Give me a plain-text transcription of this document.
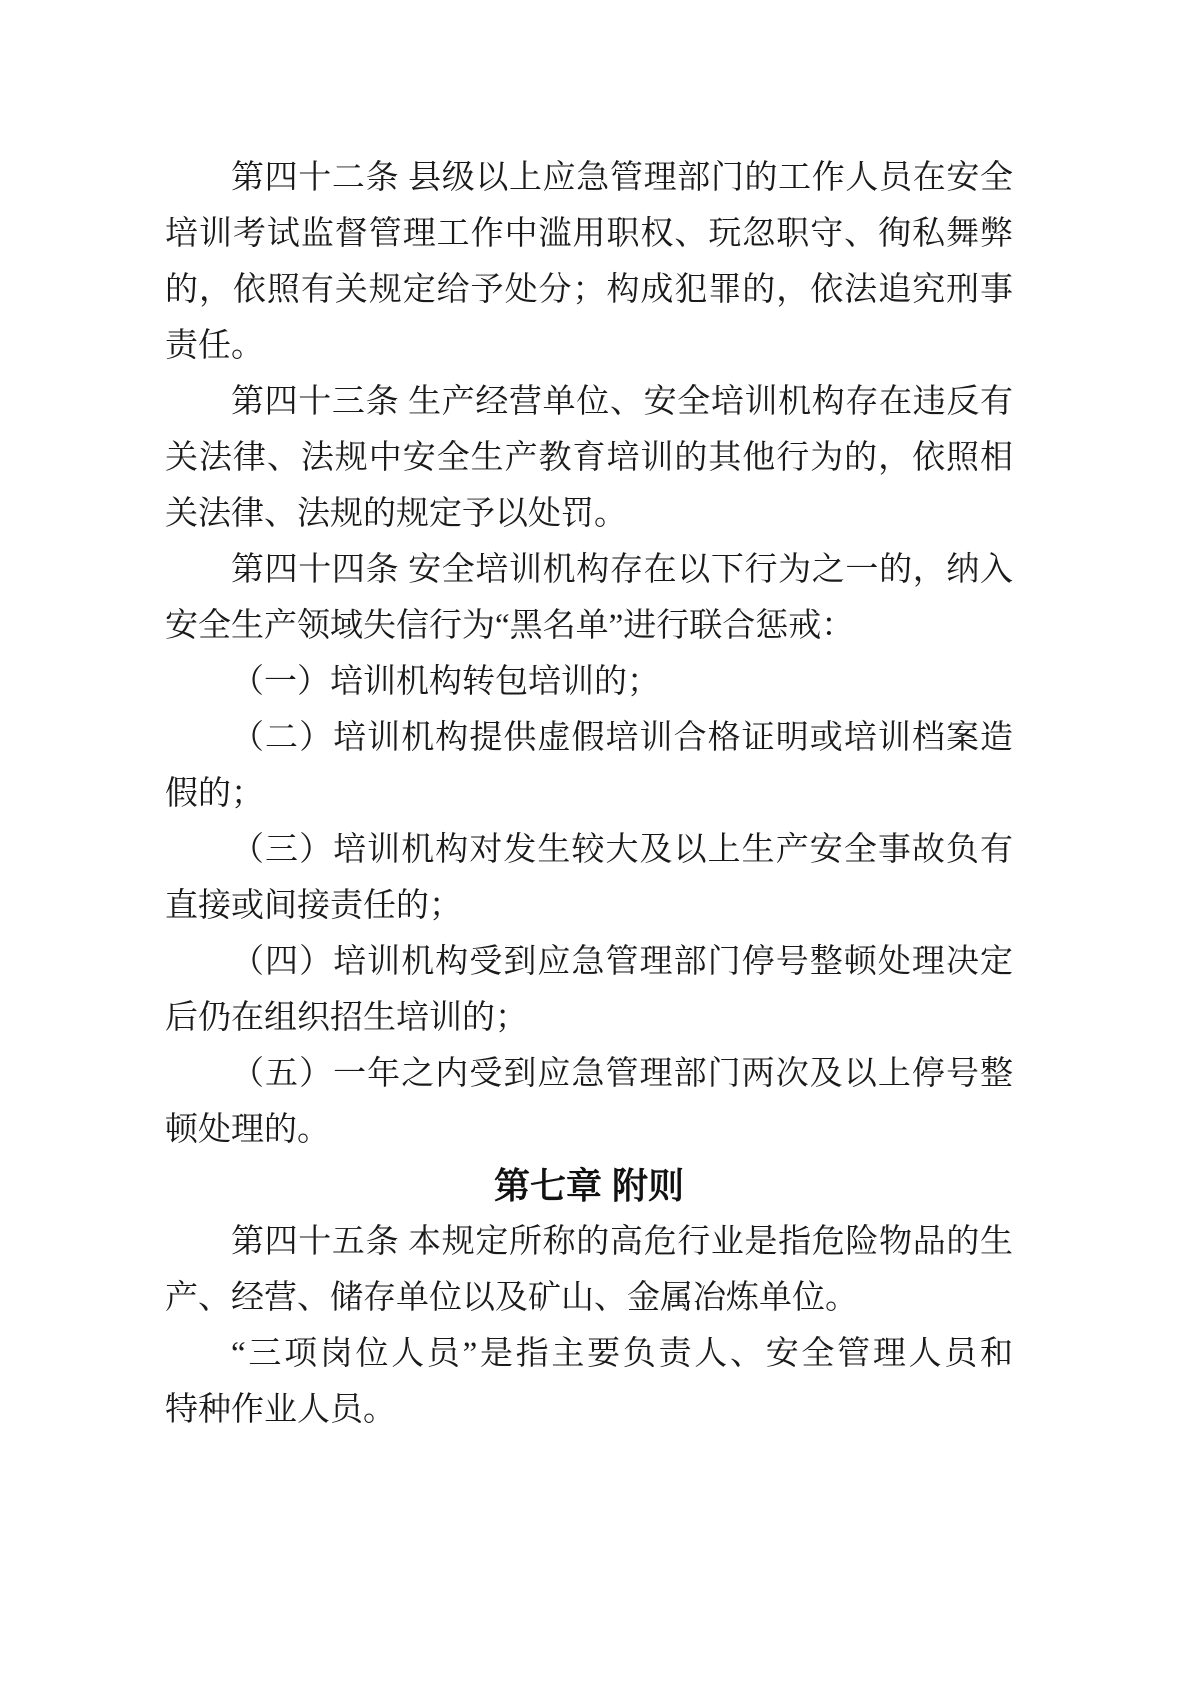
第四十二条 县级以上应急管理部门的工作人员在安全

培训考试监督管理工作中滥用职权、玩忽职守、徇私舞弊

的，依照有关规定给予处分；构成犯罪的，依法追究刑事

责任。

第四十三条 生产经营单位、安全培训机构存在违反有

关法律、法规中安全生产教育培训的其他行为的，依照相

关法律、法规的规定予以处罚。

第四十四条 安全培训机构存在以下行为之一的，纳入

安全生产领域失信行为“黑名单”进行联合惩戒：

（一）培训机构转包培训的；

（二）培训机构提供虚假培训合格证明或培训档案造

假的；

（三）培训机构对发生较大及以上生产安全事故负有

直接或间接责任的；

（四）培训机构受到应急管理部门停号整顿处理决定

后仍在组织招生培训的；

（五）一年之内受到应急管理部门两次及以上停号整

顿处理的。

第七章 附则

第四十五条 本规定所称的高危行业是指危险物品的生

产、经营、储存单位以及矿山、金属冶炼单位。

“三项岗位人员”是指主要负责人、安全管理人员和

特种作业人员。
